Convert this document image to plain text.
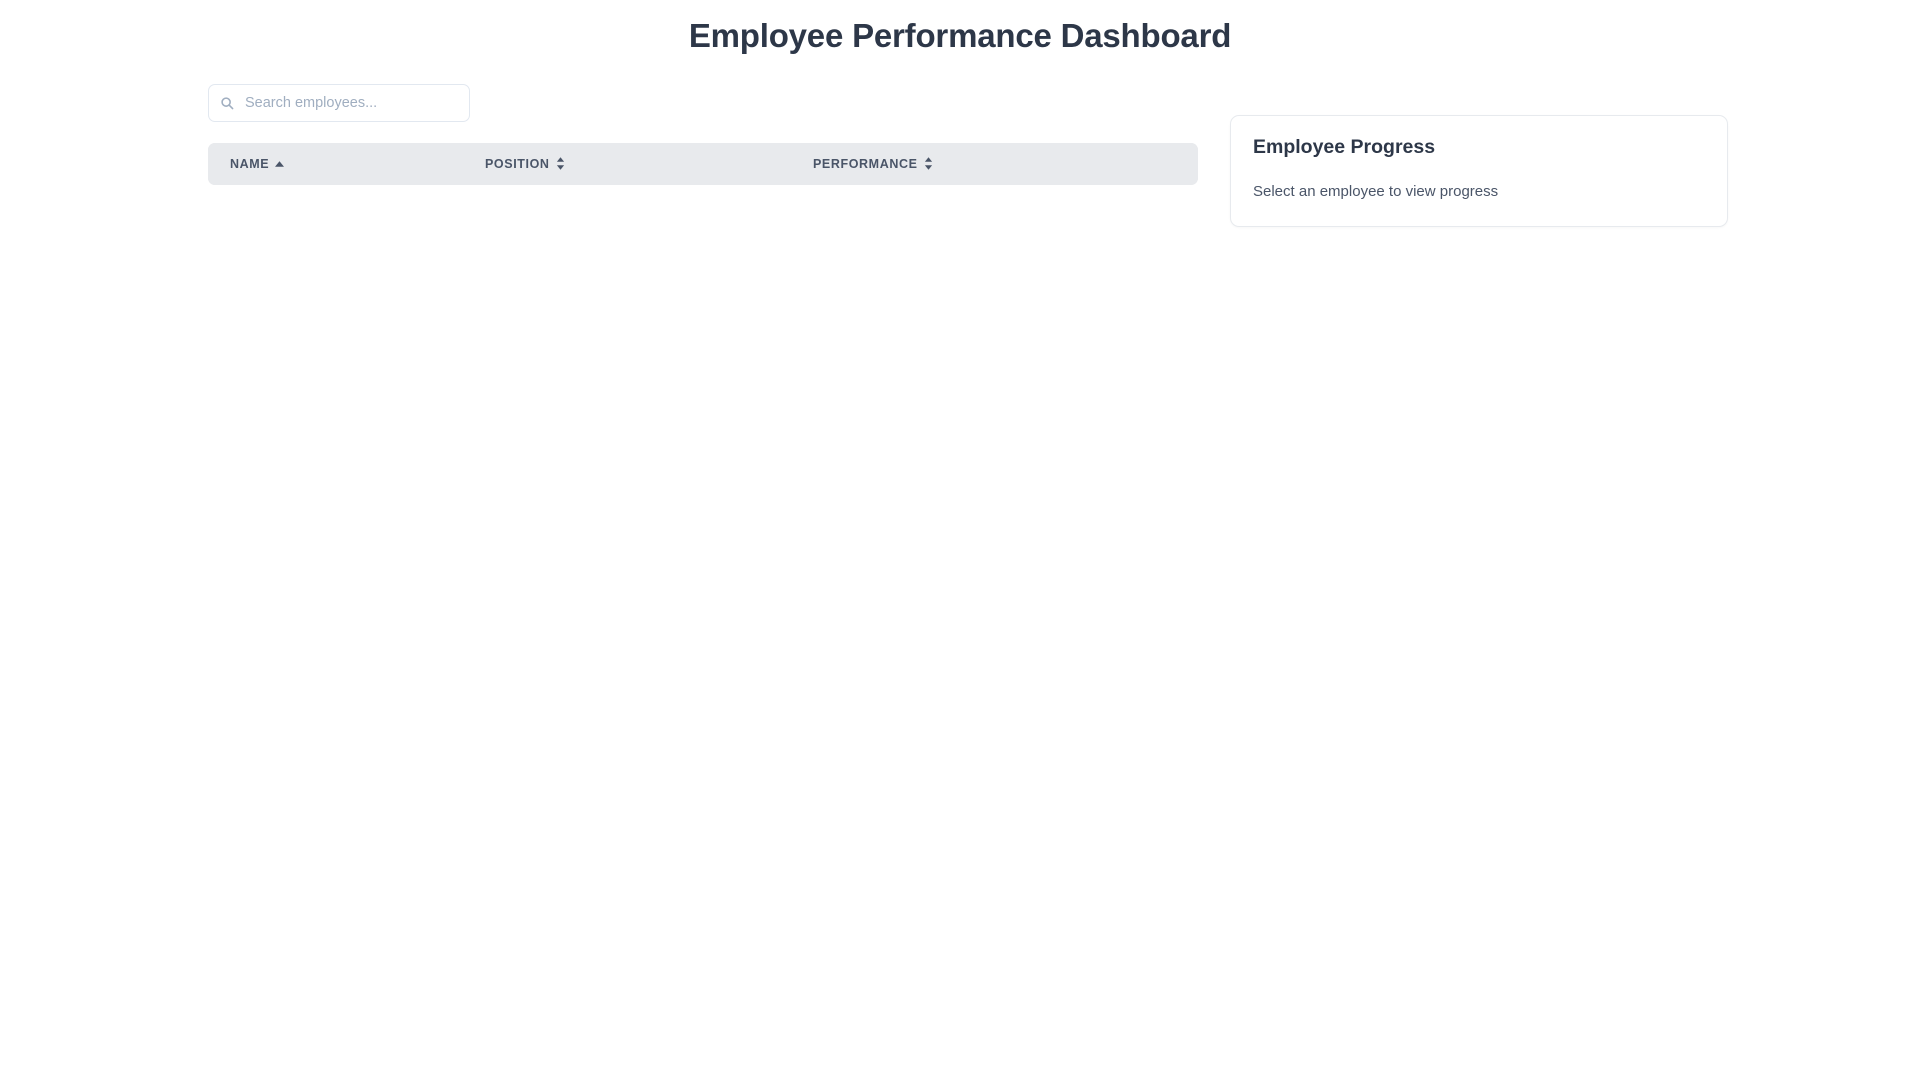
Employee Performance Dashboard
Search employees...
NAME	POSITION	PERFORMANCE
Employee Progress

Select an employee to view progress
